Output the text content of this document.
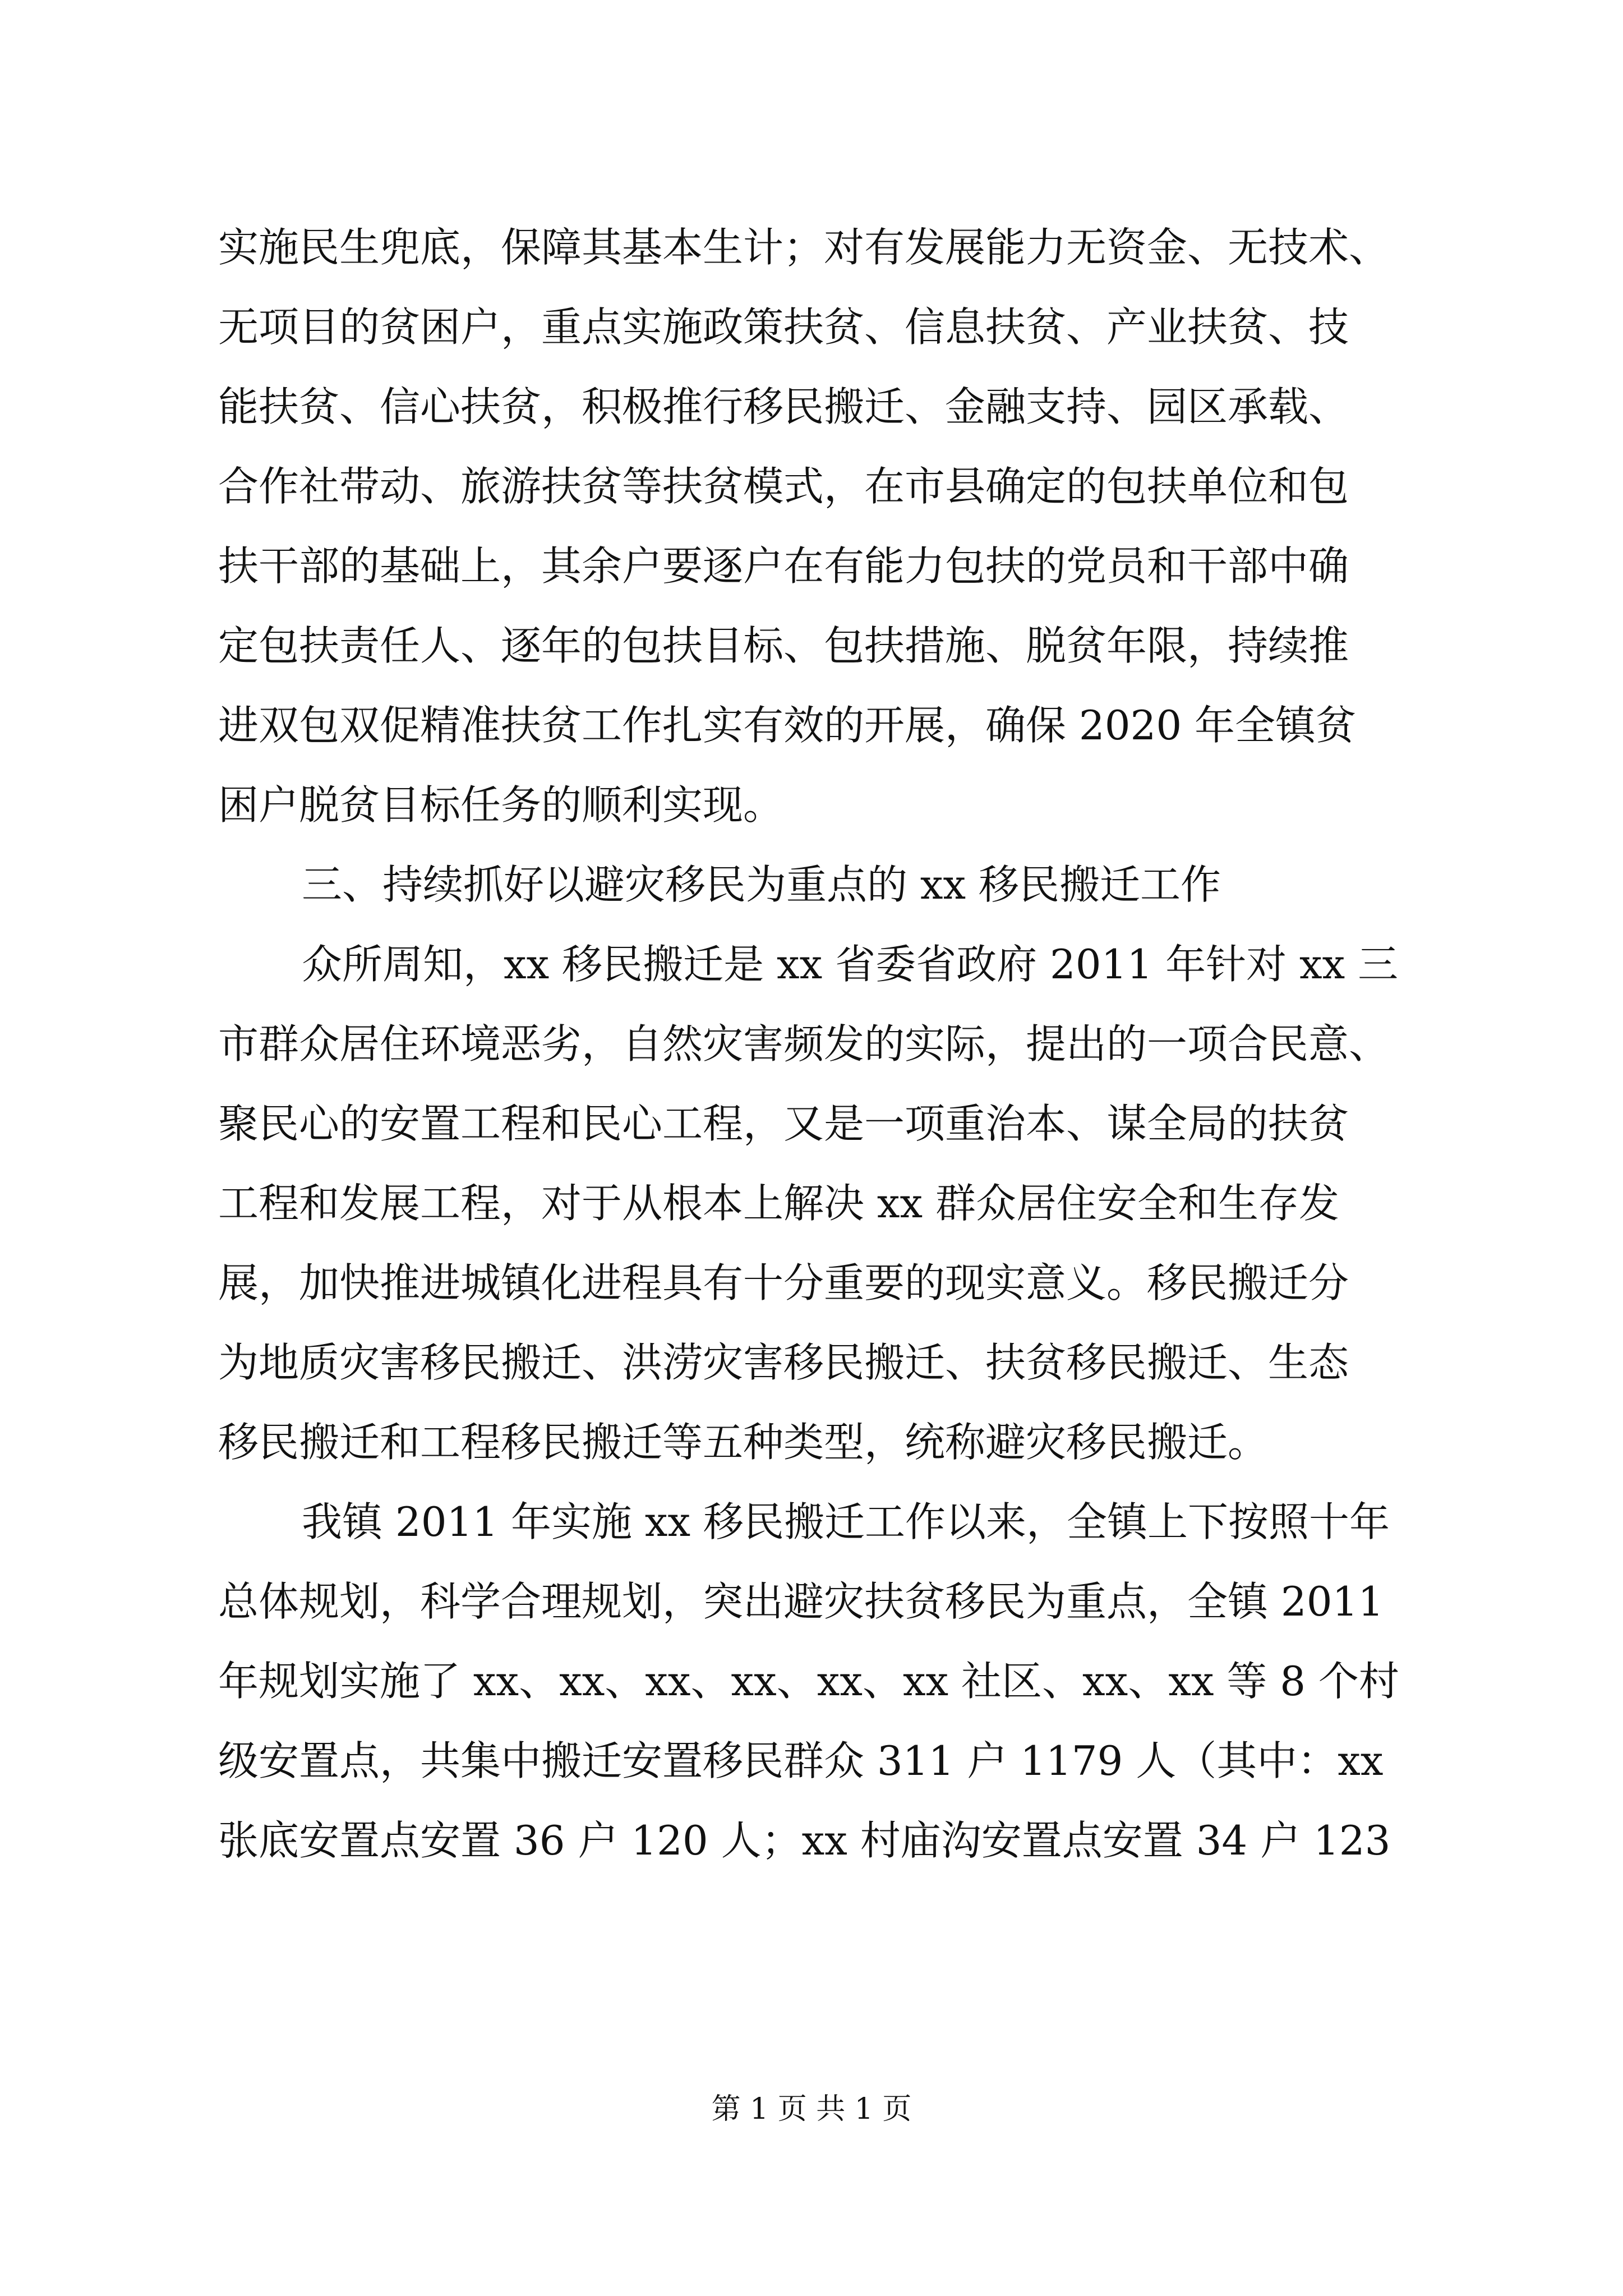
实施民生兜底，保障其基本生计；对有发展能力无资金、无技术、
无项目的贫困户，重点实施政策扶贫、信息扶贫、产业扶贫、技
能扶贫、信心扶贫，积极推行移民搬迁、金融支持、园区承载、
合作社带动、旅游扶贫等扶贫模式，在市县确定的包扶单位和包
扶干部的基础上，其余户要逐户在有能力包扶的党员和干部中确
定包扶责任人、逐年的包扶目标、包扶措施、脱贫年限，持续推
进双包双促精准扶贫工作扎实有效的开展，确保 2020 年全镇贫
困户脱贫目标任务的顺利实现。
三、持续抓好以避灾移民为重点的 xx 移民搬迁工作
众所周知，xx 移民搬迁是 xx 省委省政府 2011 年针对 xx 三
市群众居住环境恶劣，自然灾害频发的实际，提出的一项合民意、
聚民心的安置工程和民心工程，又是一项重治本、谋全局的扶贫
工程和发展工程，对于从根本上解决 xx 群众居住安全和生存发
展，加快推进城镇化进程具有十分重要的现实意义。移民搬迁分
为地质灾害移民搬迁、洪涝灾害移民搬迁、扶贫移民搬迁、生态
移民搬迁和工程移民搬迁等五种类型，统称避灾移民搬迁。
我镇 2011 年实施 xx 移民搬迁工作以来，全镇上下按照十年
总体规划，科学合理规划，突出避灾扶贫移民为重点，全镇 2011
年规划实施了 xx、xx、xx、xx、xx、xx 社区、xx、xx 等 8 个村
级安置点，共集中搬迁安置移民群众 311 户 1179 人（其中：xx
张底安置点安置 36 户 120 人；xx 村庙沟安置点安置 34 户 123
第 1 页 共 1 页
